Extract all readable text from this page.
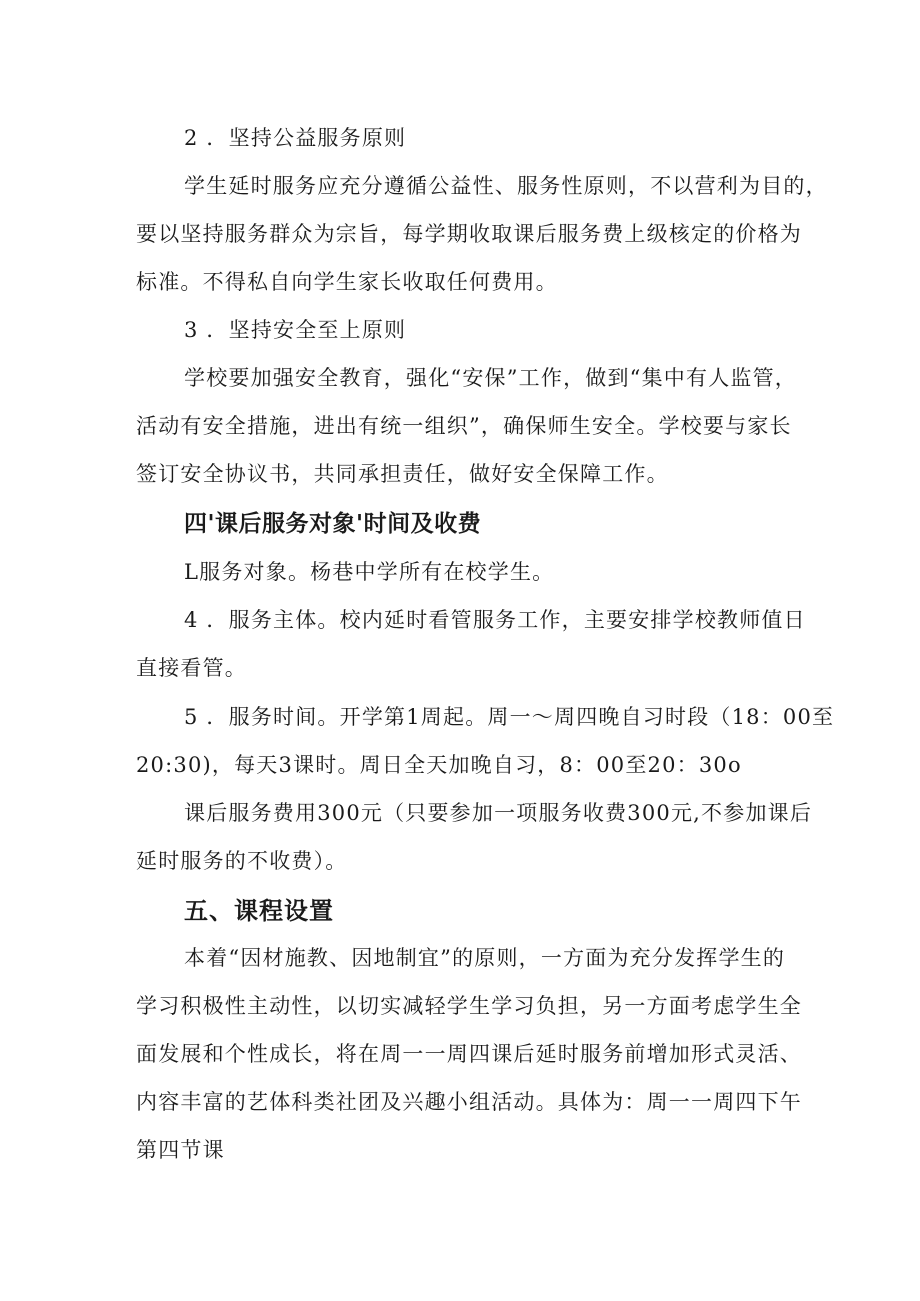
2 ．坚持公益服务原则
学生延时服务应充分遵循公益性、服务性原则，不以营利为目的，
要以坚持服务群众为宗旨，每学期收取课后服务费上级核定的价格为
标准。不得私自向学生家长收取任何费用。
3 ．坚持安全至上原则
学校要加强安全教育，强化“安保”工作，做到“集中有人监管，
活动有安全措施，进出有统一组织”，确保师生安全。学校要与家长
签订安全协议书，共同承担责任，做好安全保障工作。
四'课后服务对象'时间及收费
L服务对象。杨巷中学所有在校学生。
4 ．服务主体。校内延时看管服务工作，主要安排学校教师值日
直接看管。
5 ．服务时间。开学第1周起。周一〜周四晚自习时段（18：00至
20:30)，每天3课时。周日全天加晚自习，8：00至20：30o
课后服务费用300元（只要参加一项服务收费300元,不参加课后
延时服务的不收费）。
五、课程设置
本着“因材施教、因地制宜”的原则，一方面为充分发挥学生的
学习积极性主动性，以切实减轻学生学习负担，另一方面考虑学生全
面发展和个性成长，将在周一一周四课后延时服务前增加形式灵活、
内容丰富的艺体科类社团及兴趣小组活动。具体为：周一一周四下午
第四节课
